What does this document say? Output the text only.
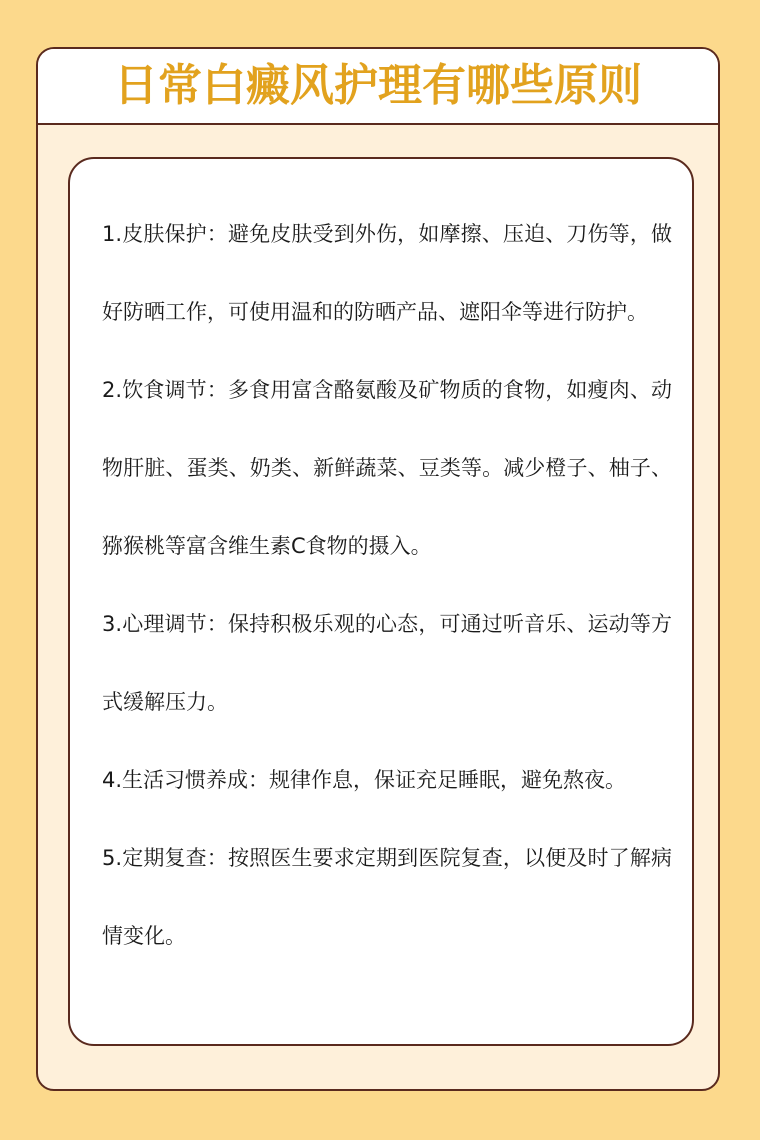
日常白癜风护理有哪些原则

1.皮肤保护：避免皮肤受到外伤，如摩擦、压迫、刀伤等，做好防晒工作，可使用温和的防晒产品、遮阳伞等进行防护。

2.饮食调节：多食用富含酪氨酸及矿物质的食物，如瘦肉、动物肝脏、蛋类、奶类、新鲜蔬菜、豆类等。减少橙子、柚子、猕猴桃等富含维生素C食物的摄入。

3.心理调节：保持积极乐观的心态，可通过听音乐、运动等方式缓解压力。

4.生活习惯养成：规律作息，保证充足睡眠，避免熬夜。

5.定期复查：按照医生要求定期到医院复查，以便及时了解病情变化。
